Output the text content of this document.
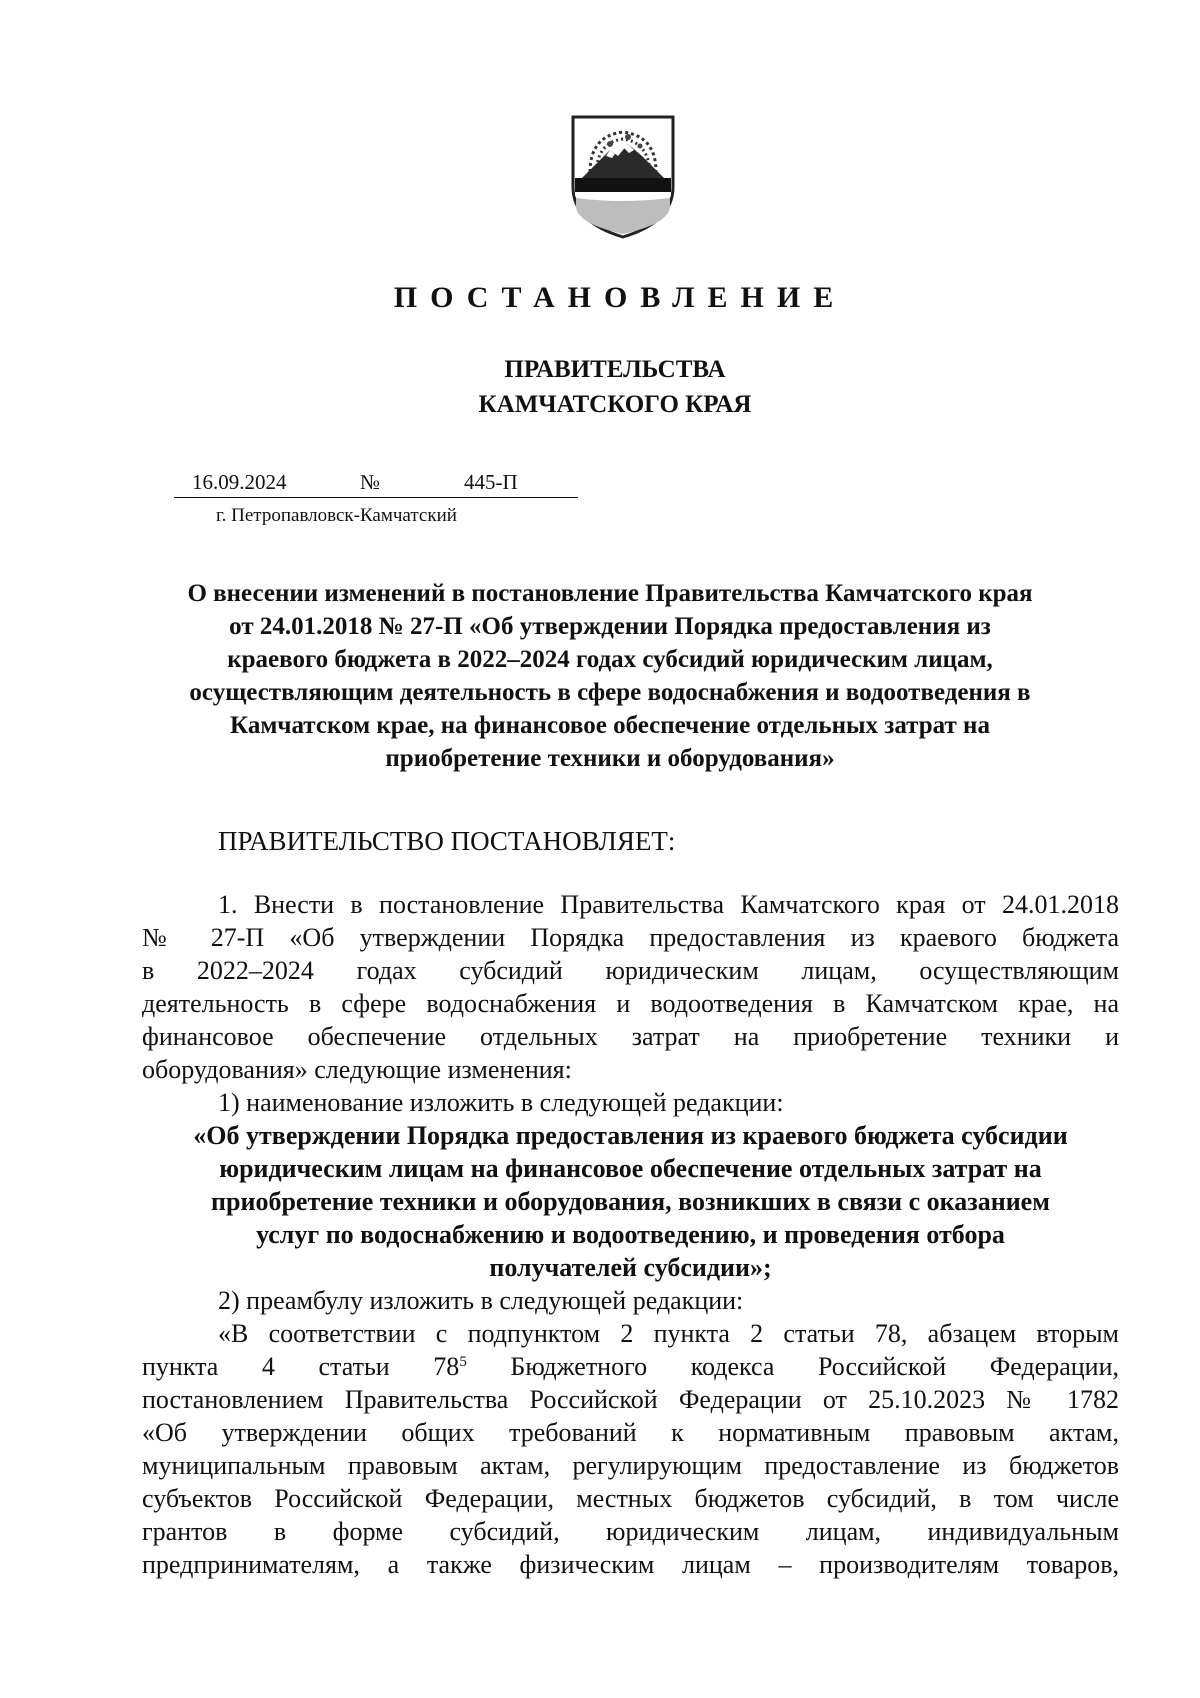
ПОСТАНОВЛЕНИЕ
ПРАВИТЕЛЬСТВА
КАМЧАТСКОГО КРАЯ
16.09.2024	№	445-П
г. Петропавловск-Камчатский
О внесении изменений в постановление Правительства Камчатского края
от 24.01.2018 № 27-П «Об утверждении Порядка предоставления из
краевого бюджета в 2022–2024 годах субсидий юридическим лицам,
осуществляющим деятельность в сфере водоснабжения и водоотведения в
Камчатском крае, на финансовое обеспечение отдельных затрат на
приобретение техники и оборудования»
ПРАВИТЕЛЬСТВО ПОСТАНОВЛЯЕТ:
1. Внести в постановление Правительства Камчатского края от 24.01.2018
№ 27-П «Об утверждении Порядка предоставления из краевого бюджета
в 2022–2024 годах субсидий юридическим лицам, осуществляющим
деятельность в сфере водоснабжения и водоотведения в Камчатском крае, на
финансовое обеспечение отдельных затрат на приобретение техники и
оборудования» следующие изменения:
1) наименование изложить в следующей редакции:
«Об утверждении Порядка предоставления из краевого бюджета субсидии
юридическим лицам на финансовое обеспечение отдельных затрат на
приобретение техники и оборудования, возникших в связи с оказанием
услуг по водоснабжению и водоотведению, и проведения отбора
получателей субсидии»;
2) преамбулу изложить в следующей редакции:
«В соответствии с подпунктом 2 пункта 2 статьи 78, абзацем вторым
пункта 4 статьи $78^5$ Бюджетного кодекса Российской Федерации,
постановлением Правительства Российской Федерации от 25.10.2023 № 1782
«Об утверждении общих требований к нормативным правовым актам,
муниципальным правовым актам, регулирующим предоставление из бюджетов
субъектов Российской Федерации, местных бюджетов субсидий, в том числе
грантов в форме субсидий, юридическим лицам, индивидуальным
предпринимателям, а также физическим лицам – производителям товаров,
